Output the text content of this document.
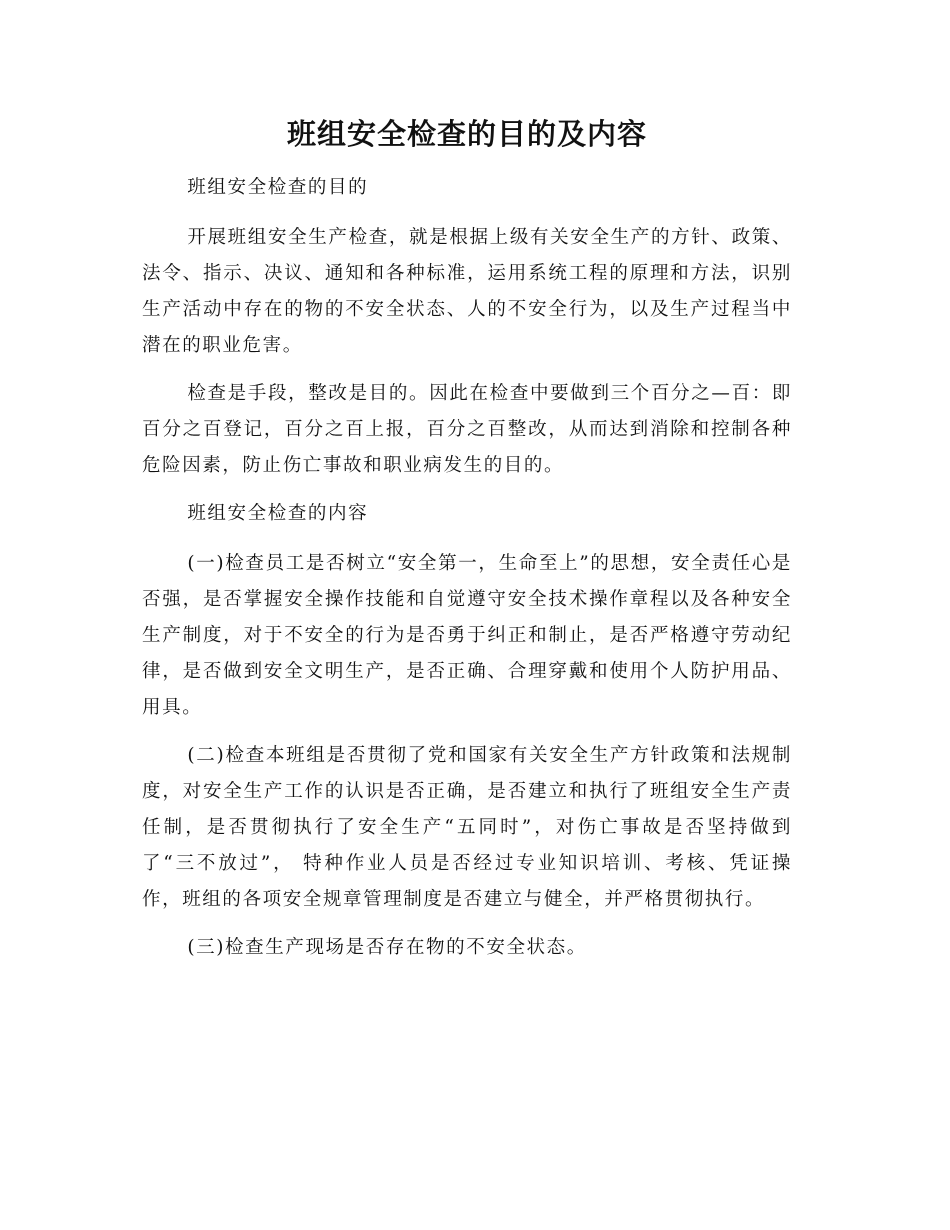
班组安全检查的目的及内容

班组安全检查的目的

开展班组安全生产检查，就是根据上级有关安全生产的方针、政策、法令、指示、决议、通知和各种标准，运用系统工程的原理和方法，识别生产活动中存在的物的不安全状态、人的不安全行为，以及生产过程当中潜在的职业危害。

检查是手段，整改是目的。因此在检查中要做到三个百分之—百：即百分之百登记，百分之百上报，百分之百整改，从而达到消除和控制各种危险因素，防止伤亡事故和职业病发生的目的。

班组安全检查的内容

(一)检查员工是否树立“安全第一，生命至上”的思想，安全责任心是否强，是否掌握安全操作技能和自觉遵守安全技术操作章程以及各种安全生产制度，对于不安全的行为是否勇于纠正和制止，是否严格遵守劳动纪律，是否做到安全文明生产，是否正确、合理穿戴和使用个人防护用品、用具。

(二)检查本班组是否贯彻了党和国家有关安全生产方针政策和法规制度，对安全生产工作的认识是否正确，是否建立和执行了班组安全生产责任制，是否贯彻执行了安全生产“五同时”，对伤亡事故是否坚持做到了“三不放过”， 特种作业人员是否经过专业知识培训、考核、凭证操作，班组的各项安全规章管理制度是否建立与健全，并严格贯彻执行。

(三)检查生产现场是否存在物的不安全状态。
